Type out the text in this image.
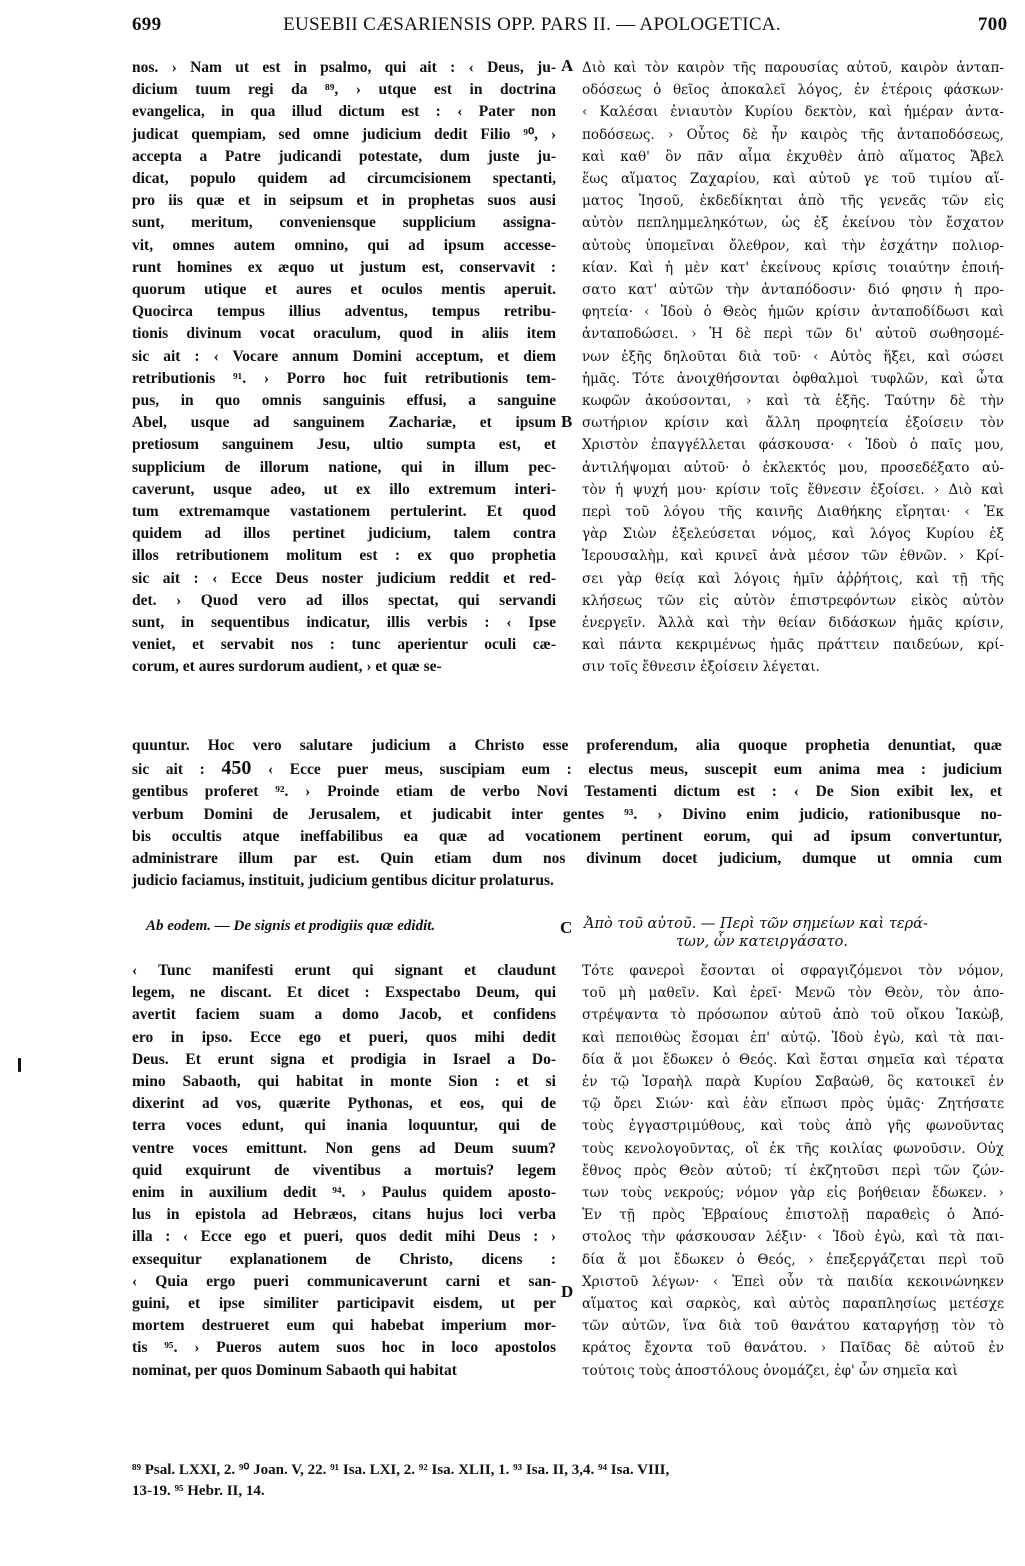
699	EUSEBII CÆSARIENSIS OPP. PARS II. — APOLOGETICA.	700
nos. › Nam ut est in psalmo, qui ait : ‹ Deus, ju-
dicium tuum regi da ⁸⁹, › utque est in doctrina
evangelica, in qua illud dictum est : ‹ Pater non
judicat quempiam, sed omne judicium dedit Filio ⁹⁰, ›
accepta a Patre judicandi potestate, dum juste ju-
dicat, populo quidem ad circumcisionem spectanti,
pro iis quæ et in seipsum et in prophetas suos ausi
sunt, meritum, conveniensque supplicium assigna-
vit, omnes autem omnino, qui ad ipsum accesse-
runt homines ex æquo ut justum est, conservavit :
quorum utique et aures et oculos mentis aperuit.
Quocirca tempus illius adventus, tempus retribu-
tionis divinum vocat oraculum, quod in aliis item
sic ait : ‹ Vocare annum Domini acceptum, et diem
retributionis ⁹¹. › Porro hoc fuit retributionis tem-
pus, in quo omnis sanguinis effusi, a sanguine
Abel, usque ad sanguinem Zachariæ, et ipsum
pretiosum sanguinem Jesu, ultio sumpta est, et
supplicium de illorum natione, qui in illum pec-
caverunt, usque adeo, ut ex illo extremum interi-
tum extremamque vastationem pertulerint. Et quod
quidem ad illos pertinet judicium, talem contra
illos retributionem molitum est : ex quo prophetia
sic ait : ‹ Ecce Deus noster judicium reddit et red-
det. › Quod vero ad illos spectat, qui servandi
sunt, in sequentibus indicatur, illis verbis : ‹ Ipse
veniet, et servabit nos : tunc aperientur oculi cæ-
corum, et aures surdorum audient, › et quæ se-
A
B
Διὸ καὶ τὸν καιρὸν τῆς παρουσίας αὐτοῦ, καιρὸν ἀνταπ-
οδόσεως ὁ θεῖος ἀποκαλεῖ λόγος, ἐν ἑτέροις φάσκων·
‹ Καλέσαι ἐνιαυτὸν Κυρίου δεκτὸν, καὶ ἡμέραν ἀντα-
ποδόσεως. › Οὗτος δὲ ἦν καιρὸς τῆς ἀνταποδόσεως,
καὶ καθ' ὃν πᾶν αἷμα ἐκχυθὲν ἀπὸ αἵματος Ἄβελ
ἕως αἵματος Ζαχαρίου, καὶ αὐτοῦ γε τοῦ τιμίου αἵ-
ματος Ἰησοῦ, ἐκδεδίκηται ἀπὸ τῆς γενεᾶς τῶν εἰς
αὐτὸν πεπλημμεληκότων, ὡς ἐξ ἐκείνου τὸν ἔσχατον
αὐτοὺς ὑπομεῖναι ὄλεθρον, καὶ τὴν ἐσχάτην πολιορ-
κίαν. Καὶ ἡ μὲν κατ' ἐκείνους κρίσις τοιαύτην ἐποιή-
σατο κατ' αὐτῶν τὴν ἀνταπόδοσιν· διό φησιν ἡ προ-
φητεία· ‹ Ἰδοὺ ὁ Θεὸς ἡμῶν κρίσιν ἀνταποδίδωσι καὶ
ἀνταποδώσει. › Ἡ δὲ περὶ τῶν δι' αὐτοῦ σωθησομέ-
νων ἑξῆς δηλοῦται διὰ τοῦ· ‹ Αὐτὸς ἥξει, καὶ σώσει
ἡμᾶς. Τότε ἀνοιχθήσονται ὀφθαλμοὶ τυφλῶν, καὶ ὦτα
κωφῶν ἀκούσονται, › καὶ τὰ ἑξῆς. Ταύτην δὲ τὴν
σωτήριον κρίσιν καὶ ἄλλη προφητεία ἐξοίσειν τὸν
Χριστὸν ἐπαγγέλλεται φάσκουσα· ‹ Ἰδοὺ ὁ παῖς μου,
ἀντιλήψομαι αὐτοῦ· ὁ ἐκλεκτός μου, προσεδέξατο αὐ-
τὸν ἡ ψυχή μου· κρίσιν τοῖς ἔθνεσιν ἐξοίσει. › Διὸ καὶ
περὶ τοῦ λόγου τῆς καινῆς Διαθήκης εἴρηται· ‹ Ἐκ
γὰρ Σιὼν ἐξελεύσεται νόμος, καὶ λόγος Κυρίου ἐξ
Ἱερουσαλὴμ, καὶ κρινεῖ ἀνὰ μέσον τῶν ἐθνῶν. › Κρί-
σει γὰρ θείᾳ καὶ λόγοις ἡμῖν ἀῤῥήτοις, καὶ τῇ τῆς
κλήσεως τῶν εἰς αὐτὸν ἐπιστρεφόντων εἰκὸς αὐτὸν
ἐνεργεῖν. Ἀλλὰ καὶ τὴν θείαν διδάσκων ἡμᾶς κρίσιν,
καὶ πάντα κεκριμένως ἡμᾶς πράττειν παιδεύων, κρί-
σιν τοῖς ἔθνεσιν ἐξοίσειν λέγεται.
quuntur. Hoc vero salutare judicium a Christo esse proferendum, alia quoque prophetia denuntiat, quæ
sic ait : 450 ‹ Ecce puer meus, suscipiam eum : electus meus, suscepit eum anima mea : judicium
gentibus proferet ⁹². › Proinde etiam de verbo Novi Testamenti dictum est : ‹ De Sion exibit lex, et
verbum Domini de Jerusalem, et judicabit inter gentes ⁹³. › Divino enim judicio, rationibusque no-
bis occultis atque ineffabilibus ea quæ ad vocationem pertinent eorum, qui ad ipsum convertuntur,
administrare illum par est. Quin etiam dum nos divinum docet judicium, dumque ut omnia cum
judicio faciamus, instituit, judicium gentibus dicitur prolaturus.
Ab eodem. — De signis et prodigiis quæ edidit.	C Ἀπὸ τοῦ αὐτοῦ. — Περὶ τῶν σημείων καὶ τερά-
των, ὧν κατειργάσατο.
‹ Tunc manifesti erunt qui signant et claudunt
legem, ne discant. Et dicet : Exspectabo Deum, qui
avertit faciem suam a domo Jacob, et confidens
ero in ipso. Ecce ego et pueri, quos mihi dedit
Deus. Et erunt signa et prodigia in Israel a Do-
mino Sabaoth, qui habitat in monte Sion : et si
dixerint ad vos, quærite Pythonas, et eos, qui de
terra voces edunt, qui inania loquuntur, qui de
ventre voces emittunt. Non gens ad Deum suum?
quid exquirunt de viventibus a mortuis? legem
enim in auxilium dedit ⁹⁴. › Paulus quidem aposto-
lus in epistola ad Hebræos, citans hujus loci verba
illa : ‹ Ecce ego et pueri, quos dedit mihi Deus : ›
exsequitur explanationem de Christo, dicens :
‹ Quia ergo pueri communicaverunt carni et san-
guini, et ipse similiter participavit eisdem, ut per
mortem destrueret eum qui habebat imperium mor-
tis ⁹⁵. › Pueros autem suos hoc in loco apostolos
nominat, per quos Dominum Sabaoth qui habitat
D
Τότε φανεροὶ ἔσονται οἱ σφραγιζόμενοι τὸν νόμον,
τοῦ μὴ μαθεῖν. Καὶ ἐρεῖ· Μενῶ τὸν Θεὸν, τὸν ἀπο-
στρέψαντα τὸ πρόσωπον αὐτοῦ ἀπὸ τοῦ οἴκου Ἰακὼβ,
καὶ πεποιθὼς ἔσομαι ἐπ' αὐτῷ. Ἰδοὺ ἐγὼ, καὶ τὰ παι-
δία ἅ μοι ἔδωκεν ὁ Θεός. Καὶ ἔσται σημεῖα καὶ τέρατα
ἐν τῷ Ἰσραὴλ παρὰ Κυρίου Σαβαὼθ, ὃς κατοικεῖ ἐν
τῷ ὄρει Σιών· καὶ ἐὰν εἴπωσι πρὸς ὑμᾶς· Ζητήσατε
τοὺς ἐγγαστριμύθους, καὶ τοὺς ἀπὸ γῆς φωνοῦντας
τοὺς κενολογοῦντας, οἳ ἐκ τῆς κοιλίας φωνοῦσιν. Οὐχ
ἔθνος πρὸς Θεὸν αὐτοῦ; τί ἐκζητοῦσι περὶ τῶν ζών-
των τοὺς νεκρούς; νόμον γὰρ εἰς βοήθειαν ἔδωκεν. ›
Ἐν τῇ πρὸς Ἑβραίους ἐπιστολῇ παραθεὶς ὁ Ἀπό-
στολος τὴν φάσκουσαν λέξιν· ‹ Ἰδοὺ ἐγὼ, καὶ τὰ παι-
δία ἅ μοι ἔδωκεν ὁ Θεός, › ἐπεξεργάζεται περὶ τοῦ
Χριστοῦ λέγων· ‹ Ἐπεὶ οὖν τὰ παιδία κεκοινώνηκεν
αἵματος καὶ σαρκὸς, καὶ αὐτὸς παραπλησίως μετέσχε
τῶν αὐτῶν, ἵνα διὰ τοῦ θανάτου καταργήσῃ τὸν τὸ
κράτος ἔχοντα τοῦ θανάτου. › Παῖδας δὲ αὐτοῦ ἐν
τούτοις τοὺς ἀποστόλους ὀνομάζει, ἐφ' ὧν σημεῖα καὶ
⁸⁹ Psal. LXXI, 2. ⁹⁰ Joan. V, 22. ⁹¹ Isa. LXI, 2. ⁹² Isa. XLII, 1. ⁹³ Isa. II, 3,4. ⁹⁴ Isa. VIII,
13-19. ⁹⁵ Hebr. II, 14.
